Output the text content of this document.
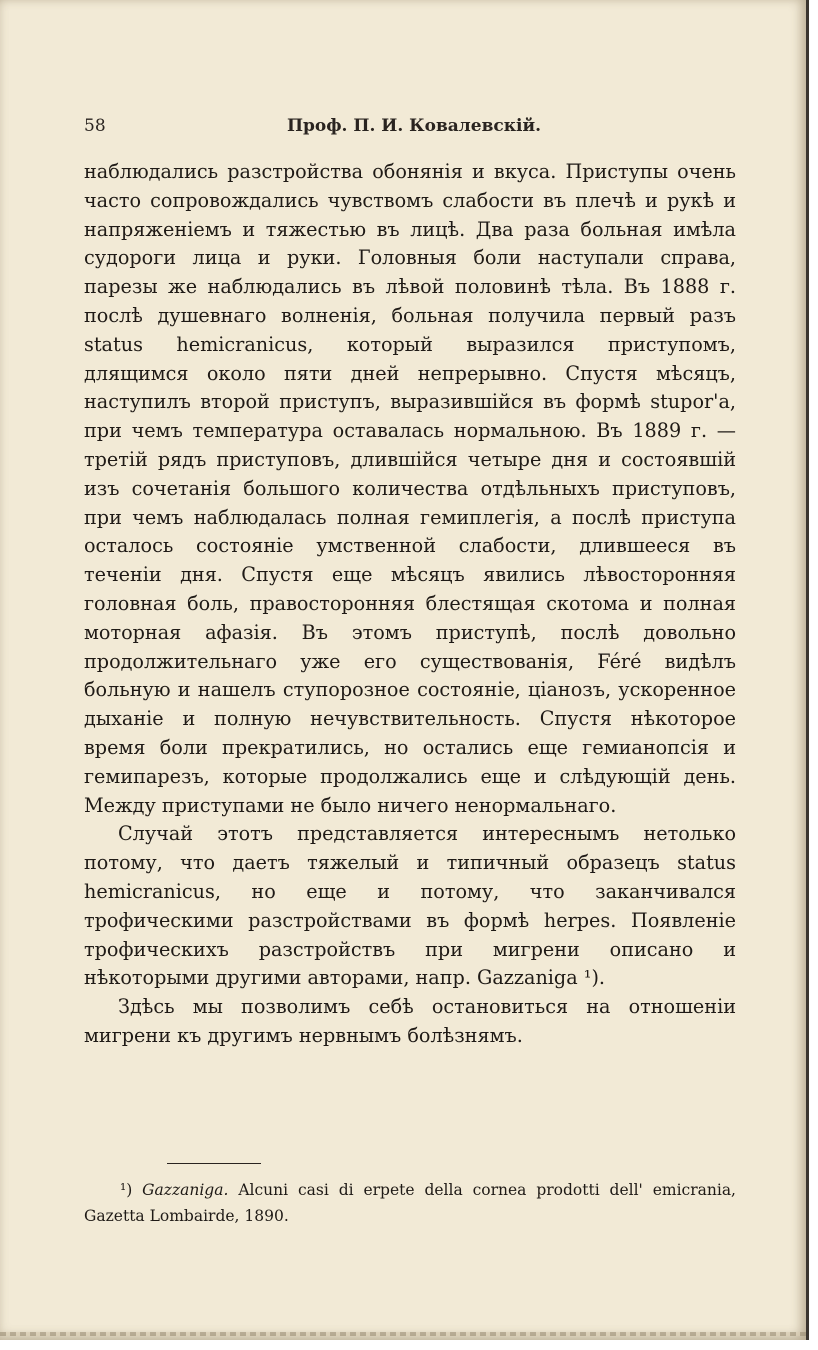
58	Проф. П. И. Ковалевскій.

наблюдались разстройства обонянія и вкуса. Приступы очень часто сопровождались чувствомъ слабости въ плечѣ и рукѣ и напряженіемъ и тяжестью въ лицѣ. Два раза больная имѣла судороги лица и руки. Головныя боли наступали справа, парезы же наблюдались въ лѣвой половинѣ тѣла. Въ 1888 г. послѣ душевнаго волненія, больная получила первый разъ status hemicranicus, который выразился приступомъ, длящимся около пяти дней непрерывно. Спустя мѣсяцъ, наступилъ второй приступъ, выразившійся въ формѣ stupor'а, при чемъ температура оставалась нормальною. Въ 1889 г. — третій рядъ приступовъ, длившійся четыре дня и состоявшій изъ сочетанія большого количества отдѣльныхъ приступовъ, при чемъ наблюдалась полная гемиплегія, а послѣ приступа осталось состояніе умственной слабости, длившееся въ теченіи дня. Спустя еще мѣсяцъ явились лѣвосторонняя головная боль, правосторонняя блестящая скотома и полная моторная афазія. Въ этомъ приступѣ, послѣ довольно продолжительнаго уже его существованія, Féré видѣлъ больную и нашелъ ступорозное состояніе, ціанозъ, ускоренное дыханіе и полную нечувствительность. Спустя нѣкоторое время боли прекратились, но остались еще гемианопсія и гемипарезъ, которые продолжались еще и слѣдующій день. Между приступами не было ничего ненормальнаго.

Случай этотъ представляется интереснымъ нетолько потому, что даетъ тяжелый и типичный образецъ status hemicranicus, но еще и потому, что заканчивался трофическими разстройствами въ формѣ herpes. Появленіе трофическихъ разстройствъ при мигрени описано и нѣкоторыми другими авторами, напр. Gazzaniga ¹).

Здѣсь мы позволимъ себѣ остановиться на отношеніи мигрени къ другимъ нервнымъ болѣзнямъ.

¹) Gazzaniga. Alcuni casi di erpete della cornea prodotti dell' emicrania, Gazetta Lombairde, 1890.
